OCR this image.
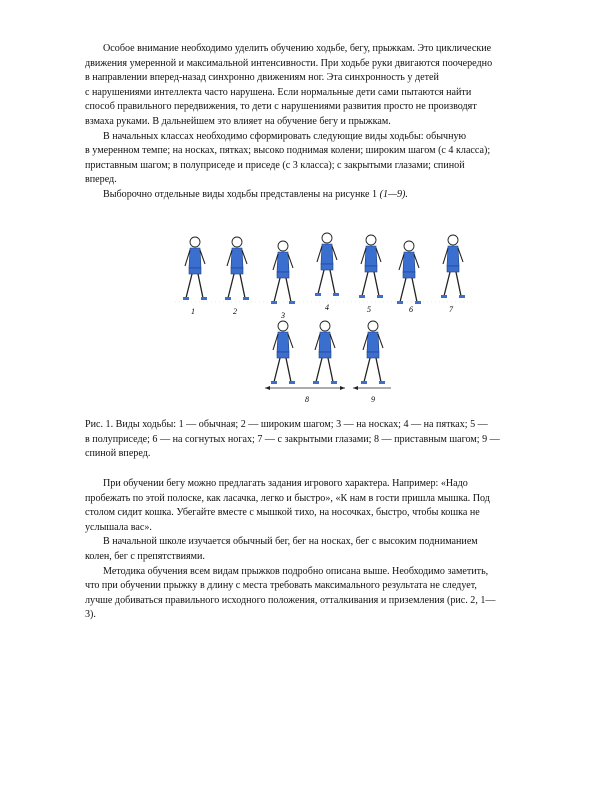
Особое внимание необходимо уделить обучению ходьбе, бегу, прыжкам. Это циклические
движения умеренной и максимальной интенсивности. При ходьбе руки двигаются поочередно
в направлении вперед-назад синхронно движениям ног. Эта синхронность у детей
с нарушениями интеллекта часто нарушена. Если нормальные дети сами пытаются найти
способ правильного передвижения, то дети с нарушениями развития просто не производят
взмаха руками. В дальнейшем это влияет на обучение бегу и прыжкам.
В начальных классах необходимо сформировать следующие виды ходьбы: обычную
в умеренном темпе; на носках, пятках; высоко поднимая колени; широким шагом (с 4 класса);
приставным шагом; в полуприседе и приседе (с 3 класса); с закрытыми глазами; спиной
вперед.
Выборочно отдельные виды ходьбы представлены на рисунке 1 (1—9).
1	2	3
4	5	6	7
8	9
Рис. 1. Виды ходьбы: 1 — обычная; 2 — широким шагом; 3 — на носках; 4 — на пятках; 5 —
в полуприседе; 6 — на согнутых ногах; 7 — с закрытыми глазами; 8 — приставным шагом; 9 —
спиной вперед.
При обучении бегу можно предлагать задания игрового характера. Например: «Надо
пробежать по этой полоске, как ласачка, легко и быстро», «К нам в гости пришла мышка. Под
столом сидит кошка. Убегайте вместе с мышкой тихо, на носочках, быстро, чтобы кошка не
услышала вас».
В начальной школе изучается обычный бег, бег на носках, бег с высоким подниманием
колен, бег с препятствиями.
Методика обучения всем видам прыжков подробно описана выше. Необходимо заметить,
что при обучении прыжку в длину с места требовать максимального результата не следует,
лучше добиваться правильного исходного положения, отталкивания и приземления (рис. 2, 1—
3).
